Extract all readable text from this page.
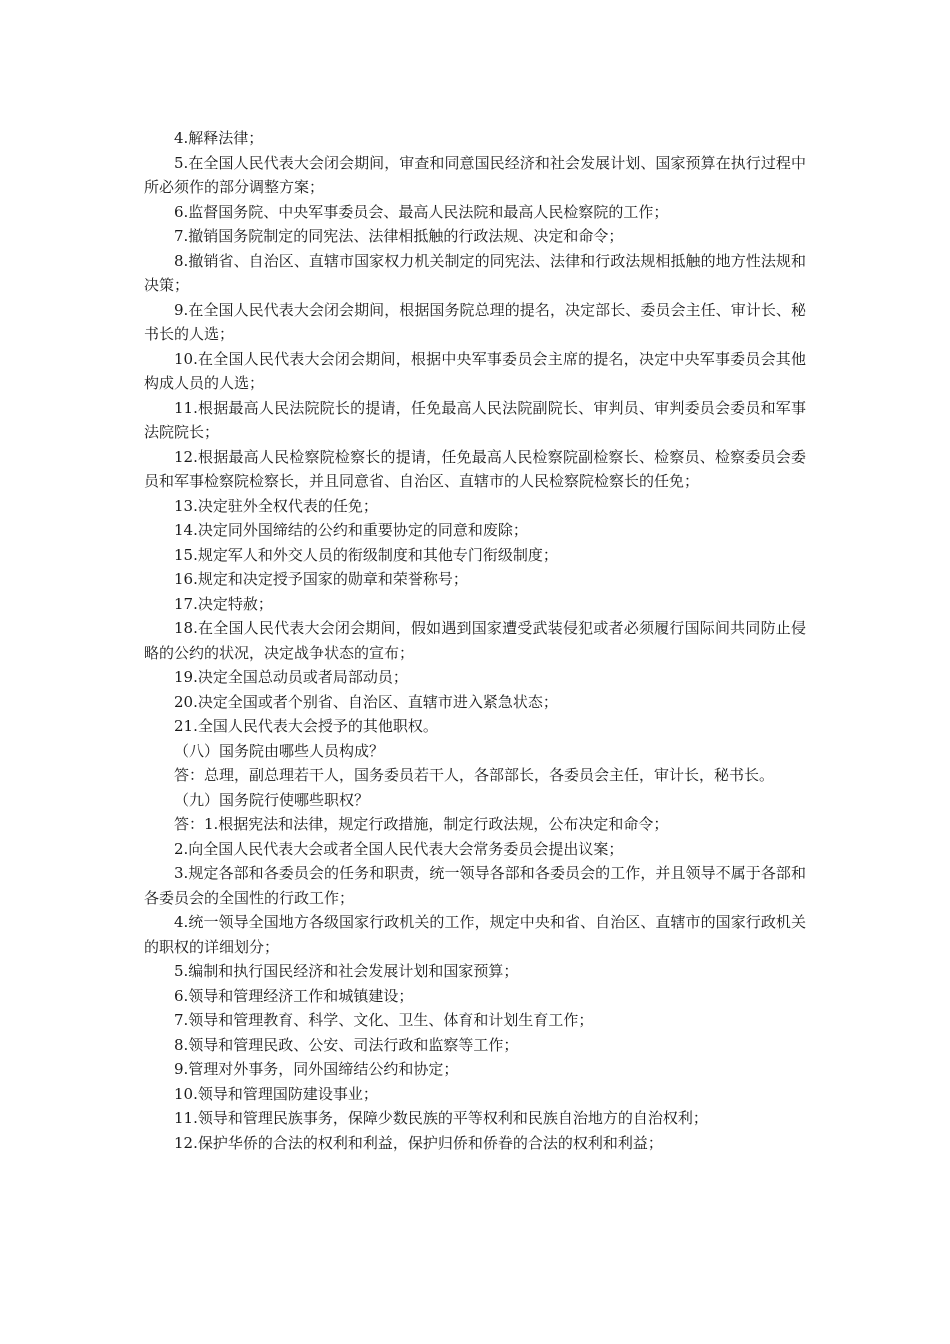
4.解释法律；

5.在全国人民代表大会闭会期间，审查和同意国民经济和社会发展计划、国家预算在执行过程中所必须作的部分调整方案；

6.监督国务院、中央军事委员会、最高人民法院和最高人民检察院的工作；

7.撤销国务院制定的同宪法、法律相抵触的行政法规、决定和命令；

8.撤销省、自治区、直辖市国家权力机关制定的同宪法、法律和行政法规相抵触的地方性法规和决策；

9.在全国人民代表大会闭会期间，根据国务院总理的提名，决定部长、委员会主任、审计长、秘书长的人选；

10.在全国人民代表大会闭会期间，根据中央军事委员会主席的提名，决定中央军事委员会其他构成人员的人选；

11.根据最高人民法院院长的提请，任免最高人民法院副院长、审判员、审判委员会委员和军事法院院长；

12.根据最高人民检察院检察长的提请，任免最高人民检察院副检察长、检察员、检察委员会委员和军事检察院检察长，并且同意省、自治区、直辖市的人民检察院检察长的任免；

13.决定驻外全权代表的任免；

14.决定同外国缔结的公约和重要协定的同意和废除；

15.规定军人和外交人员的衔级制度和其他专门衔级制度；

16.规定和决定授予国家的勋章和荣誉称号；

17.决定特赦；

18.在全国人民代表大会闭会期间，假如遇到国家遭受武装侵犯或者必须履行国际间共同防止侵略的公约的状况，决定战争状态的宣布；

19.决定全国总动员或者局部动员；

20.决定全国或者个别省、自治区、直辖市进入紧急状态；

21.全国人民代表大会授予的其他职权。

（八）国务院由哪些人员构成？

答：总理，副总理若干人，国务委员若干人，各部部长，各委员会主任，审计长，秘书长。

（九）国务院行使哪些职权？

答：1.根据宪法和法律，规定行政措施，制定行政法规，公布决定和命令；

2.向全国人民代表大会或者全国人民代表大会常务委员会提出议案；

3.规定各部和各委员会的任务和职责，统一领导各部和各委员会的工作，并且领导不属于各部和各委员会的全国性的行政工作；

4.统一领导全国地方各级国家行政机关的工作，规定中央和省、自治区、直辖市的国家行政机关的职权的详细划分；

5.编制和执行国民经济和社会发展计划和国家预算；

6.领导和管理经济工作和城镇建设；

7.领导和管理教育、科学、文化、卫生、体育和计划生育工作；

8.领导和管理民政、公安、司法行政和监察等工作；

9.管理对外事务，同外国缔结公约和协定；

10.领导和管理国防建设事业；

11.领导和管理民族事务，保障少数民族的平等权利和民族自治地方的自治权利；

12.保护华侨的合法的权利和利益，保护归侨和侨眷的合法的权利和利益；
